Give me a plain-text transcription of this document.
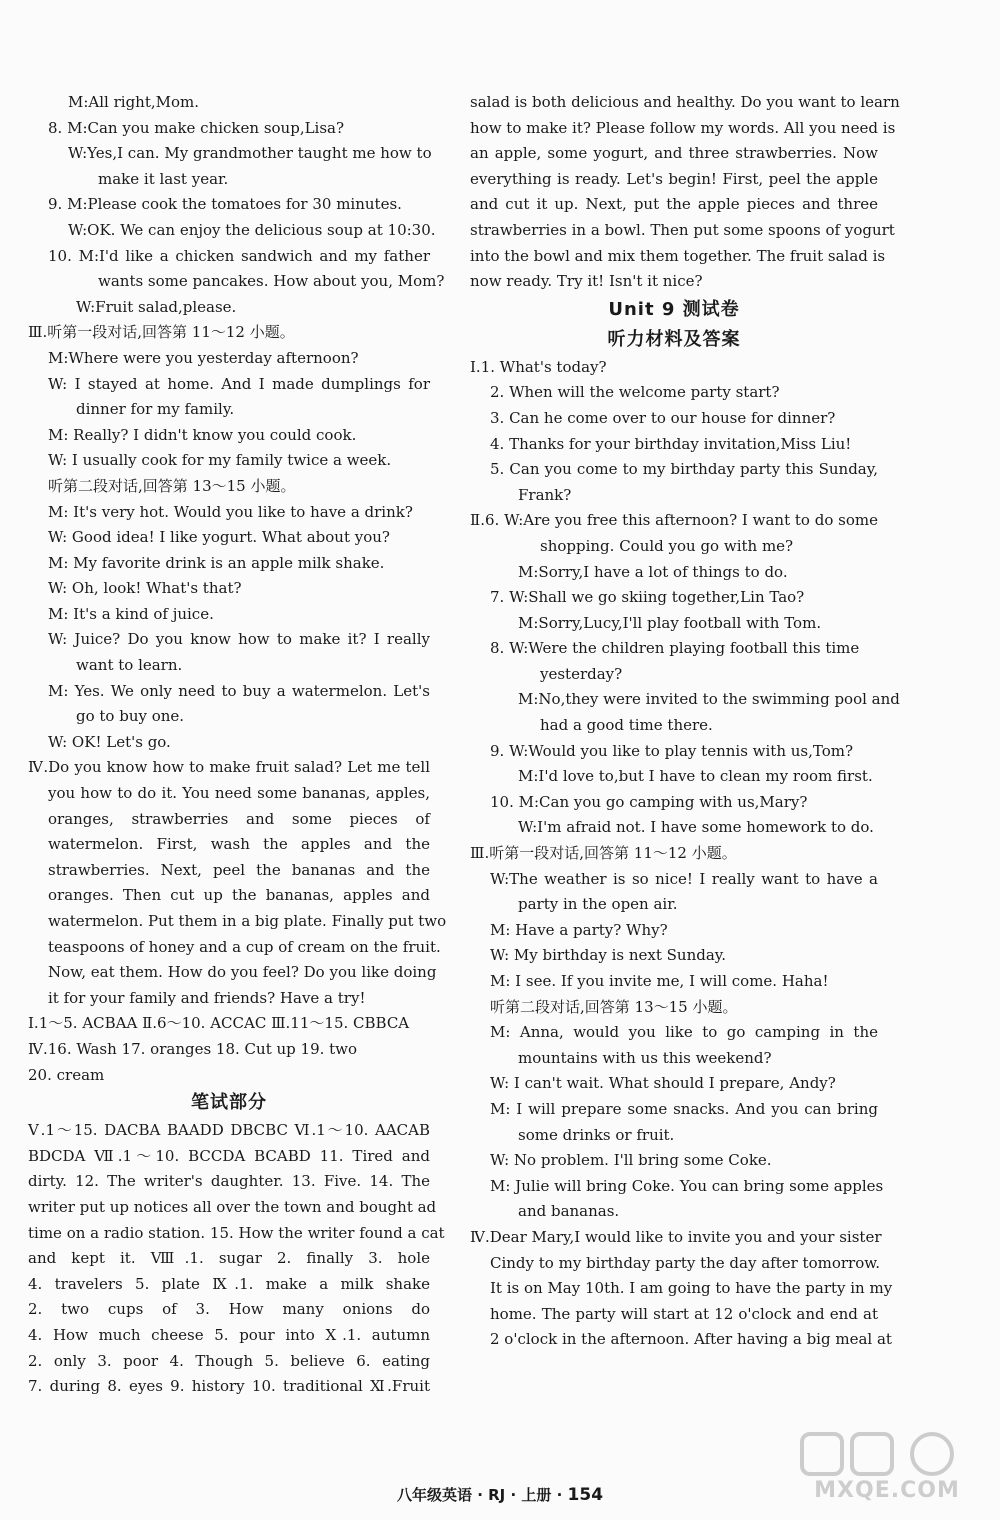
M:All right,Mom.
8. M:Can you make chicken soup,Lisa?
W:Yes,I can. My grandmother taught me how to
make it last year.
9. M:Please cook the tomatoes for 30 minutes.
W:OK. We can enjoy the delicious soup at 10:30.
10. M:I'd like a chicken sandwich and my father
wants some pancakes. How about you, Mom?
W:Fruit salad,please.
Ⅲ.听第一段对话,回答第 11～12 小题。
M:Where were you yesterday afternoon?
W: I stayed at home. And I made dumplings for
dinner for my family.
M: Really? I didn't know you could cook.
W: I usually cook for my family twice a week.
听第二段对话,回答第 13～15 小题。
M: It's very hot. Would you like to have a drink?
W: Good idea! I like yogurt. What about you?
M: My favorite drink is an apple milk shake.
W: Oh, look! What's that?
M: It's a kind of juice.
W: Juice? Do you know how to make it? I really
want to learn.
M: Yes. We only need to buy a watermelon. Let's
go to buy one.
W: OK! Let's go.
Ⅳ.Do you know how to make fruit salad? Let me tell
you how to do it. You need some bananas, apples,
oranges, strawberries and some pieces of
watermelon. First, wash the apples and the
strawberries. Next, peel the bananas and the
oranges. Then cut up the bananas, apples and
watermelon. Put them in a big plate. Finally put two
teaspoons of honey and a cup of cream on the fruit.
Now, eat them. How do you feel? Do you like doing
it for your family and friends? Have a try!
Ⅰ.1～5. ACBAA Ⅱ.6～10. ACCAC Ⅲ.11～15. CBBCA
Ⅳ.16. Wash 17. oranges 18. Cut up 19. two
20. cream
笔试部分
Ⅴ.1～15. DACBA BAADD DBCBC Ⅵ.1～10. AACAB
BDCDA Ⅶ.1～10. BCCDA BCABD 11. Tired and
dirty. 12. The writer's daughter. 13. Five. 14. The
writer put up notices all over the town and bought ad
time on a radio station. 15. How the writer found a cat
and kept it. Ⅷ.1. sugar 2. finally 3. hole
4. travelers 5. plate Ⅸ.1. make a milk shake
2. two cups of 3. How many onions do
4. How much cheese 5. pour into Ⅹ.1. autumn
2. only 3. poor 4. Though 5. believe 6. eating
7. during 8. eyes 9. history 10. traditional Ⅺ.Fruit
salad is both delicious and healthy. Do you want to learn
how to make it? Please follow my words. All you need is
an apple, some yogurt, and three strawberries. Now
everything is ready. Let's begin! First, peel the apple
and cut it up. Next, put the apple pieces and three
strawberries in a bowl. Then put some spoons of yogurt
into the bowl and mix them together. The fruit salad is
now ready. Try it! Isn't it nice?
Unit 9 测试卷
听力材料及答案
Ⅰ.1. What's today?
2. When will the welcome party start?
3. Can he come over to our house for dinner?
4. Thanks for your birthday invitation,Miss Liu!
5. Can you come to my birthday party this Sunday,
Frank?
Ⅱ.6. W:Are you free this afternoon? I want to do some
shopping. Could you go with me?
M:Sorry,I have a lot of things to do.
7. W:Shall we go skiing together,Lin Tao?
M:Sorry,Lucy,I'll play football with Tom.
8. W:Were the children playing football this time
yesterday?
M:No,they were invited to the swimming pool and
had a good time there.
9. W:Would you like to play tennis with us,Tom?
M:I'd love to,but I have to clean my room first.
10. M:Can you go camping with us,Mary?
W:I'm afraid not. I have some homework to do.
Ⅲ.听第一段对话,回答第 11～12 小题。
W:The weather is so nice! I really want to have a
party in the open air.
M: Have a party? Why?
W: My birthday is next Sunday.
M: I see. If you invite me, I will come. Haha!
听第二段对话,回答第 13～15 小题。
M: Anna, would you like to go camping in the
mountains with us this weekend?
W: I can't wait. What should I prepare, Andy?
M: I will prepare some snacks. And you can bring
some drinks or fruit.
W: No problem. I'll bring some Coke.
M: Julie will bring Coke. You can bring some apples
and bananas.
Ⅳ.Dear Mary,I would like to invite you and your sister
Cindy to my birthday party the day after tomorrow.
It is on May 10th. I am going to have the party in my
home. The party will start at 12 o'clock and end at
2 o'clock in the afternoon. After having a big meal at
八年级英语 · RJ · 上册 · 154	MXQE.COM
